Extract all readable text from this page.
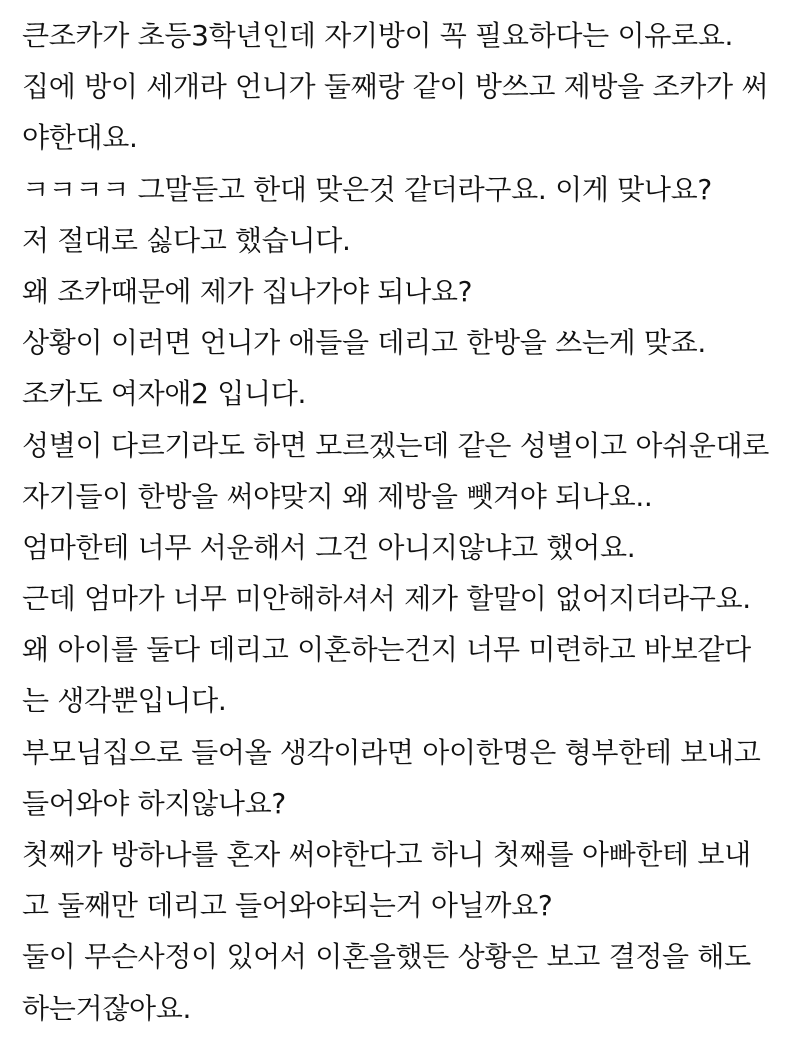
큰조카가 초등3학년인데 자기방이 꼭 필요하다는 이유로요.
집에 방이 세개라 언니가 둘째랑 같이 방쓰고 제방을 조카가 써
야한대요.
ㅋㅋㅋㅋ 그말듣고 한대 맞은것 같더라구요. 이게 맞나요?
저 절대로 싫다고 했습니다.
왜 조카때문에 제가 집나가야 되나요?
상황이 이러면 언니가 애들을 데리고 한방을 쓰는게 맞죠.
조카도 여자애2 입니다.
성별이 다르기라도 하면 모르겠는데 같은 성별이고 아쉬운대로
자기들이 한방을 써야맞지 왜 제방을 뺏겨야 되나요..
엄마한테 너무 서운해서 그건 아니지않냐고 했어요.
근데 엄마가 너무 미안해하셔서 제가 할말이 없어지더라구요.
왜 아이를 둘다 데리고 이혼하는건지 너무 미련하고 바보같다
는 생각뿐입니다.
부모님집으로 들어올 생각이라면 아이한명은 형부한테 보내고
들어와야 하지않나요?
첫째가 방하나를 혼자 써야한다고 하니 첫째를 아빠한테 보내
고 둘째만 데리고 들어와야되는거 아닐까요?
둘이 무슨사정이 있어서 이혼을했든 상황은 보고 결정을 해도
하는거잖아요.
